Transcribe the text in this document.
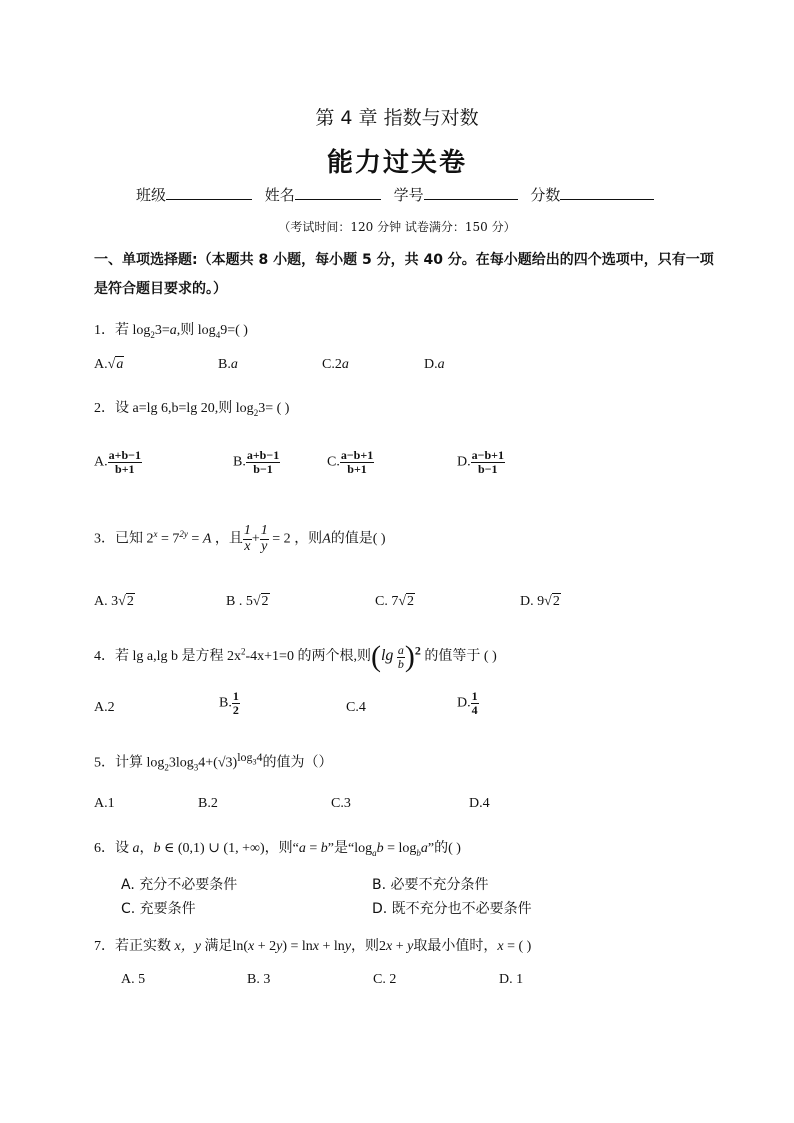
第 4 章 指数与对数
能力过关卷
班级	姓名	学号	分数
（考试时间：120 分钟 试卷满分：150 分）
一、单项选择题:（本题共 8 小题，每小题 5 分，共 40 分。在每小题给出的四个选项中，只有一项是符合题目要求的。）
1．若 $\log_23=a$,则 $\log_49=$( )
A.√a	B.a	C.2a	D.a
2．设 a=lg 6,b=lg 20,则 $\log_23=$ ( )
A. $\frac{a+b-1}{b+1}$	B. $\frac{a+b-1}{b-1}$	C. $\frac{a-b+1}{b+1}$	D. $\frac{a-b+1}{b-1}$
3．已知 $2^x = 7^{2y} = A$ ，且 $\frac{1}{x} + \frac{1}{y} = 2$ ，则A的值是( )
A. 3√2	B . 5√2	C. 7√2	D. 9√2
4．若 lg a,lg b 是方程 $2x^2-4x+1=0$ 的两个根,则$(\lg \frac{a}{b} )^2$ 的值等于 ( )
A.2	B. $\frac{1}{2}$	C.4	D. $\frac{1}{4}$
5．计算 $\log_23\log_34+(√3)^{log_34}$的值为（）
A.1	B.2	C.3	D.4
6．设 a，b ∈ (0,1) ∪ (1, +∞)，则“a = b”是“$\log_ab = \log_ba$”的( )
A. 充分不必要条件	B. 必要不充分条件
C. 充要条件	D. 既不充分也不必要条件
7．若正实数 x，y 满足ln(x + 2y) = lnx + lny，则2x + y取最小值时，x = ( )
A. 5	B. 3	C. 2	D. 1
